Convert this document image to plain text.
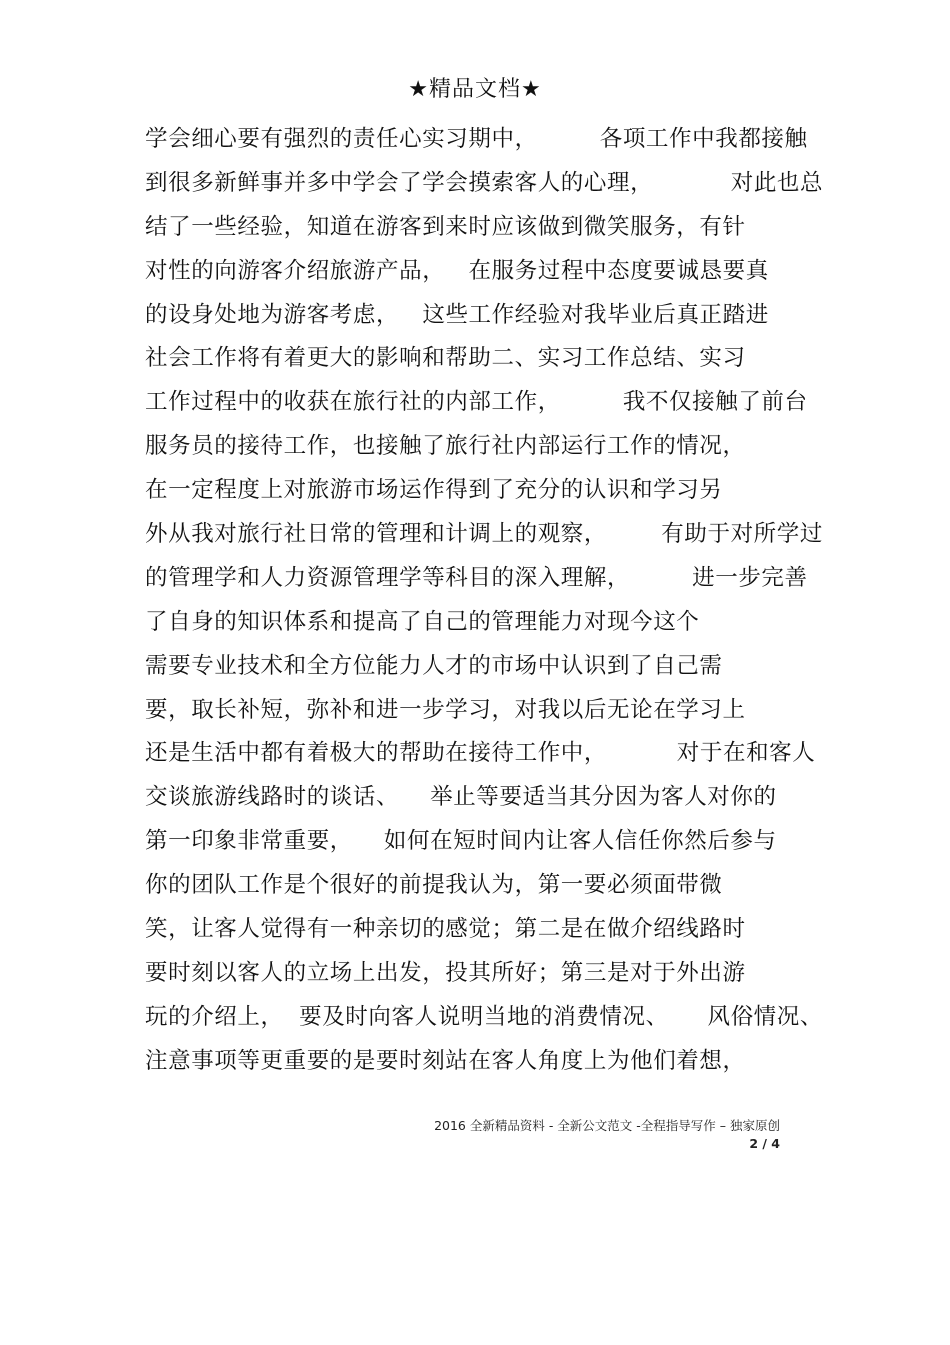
★精品文档★
学会细心要有强烈的责任心实习期中，        各项工作中我都接触
到很多新鲜事并多中学会了学会摸索客人的心理，          对此也总
结了一些经验，知道在游客到来时应该做到微笑服务，有针
对性的向游客介绍旅游产品，   在服务过程中态度要诚恳要真
的设身处地为游客考虑，   这些工作经验对我毕业后真正踏进
社会工作将有着更大的影响和帮助二、实习工作总结、实习
工作过程中的收获在旅行社的内部工作，        我不仅接触了前台
服务员的接待工作，也接触了旅行社内部运行工作的情况，
在一定程度上对旅游市场运作得到了充分的认识和学习另
外从我对旅行社日常的管理和计调上的观察，       有助于对所学过
的管理学和人力资源管理学等科目的深入理解，        进一步完善
了自身的知识体系和提高了自己的管理能力对现今这个
需要专业技术和全方位能力人才的市场中认识到了自己需
要，取长补短，弥补和进一步学习，对我以后无论在学习上
还是生活中都有着极大的帮助在接待工作中，         对于在和客人
交谈旅游线路时的谈话、    举止等要适当其分因为客人对你的
第一印象非常重要，    如何在短时间内让客人信任你然后参与
你的团队工作是个很好的前提我认为，第一要必须面带微
笑，让客人觉得有一种亲切的感觉；第二是在做介绍线路时
要时刻以客人的立场上出发，投其所好；第三是对于外出游
玩的介绍上，  要及时向客人说明当地的消费情况、     风俗情况、
注意事项等更重要的是要时刻站在客人角度上为他们着想，
2016 全新精品资料 - 全新公文范文 -全程指导写作 – 独家原创
2 / 4
